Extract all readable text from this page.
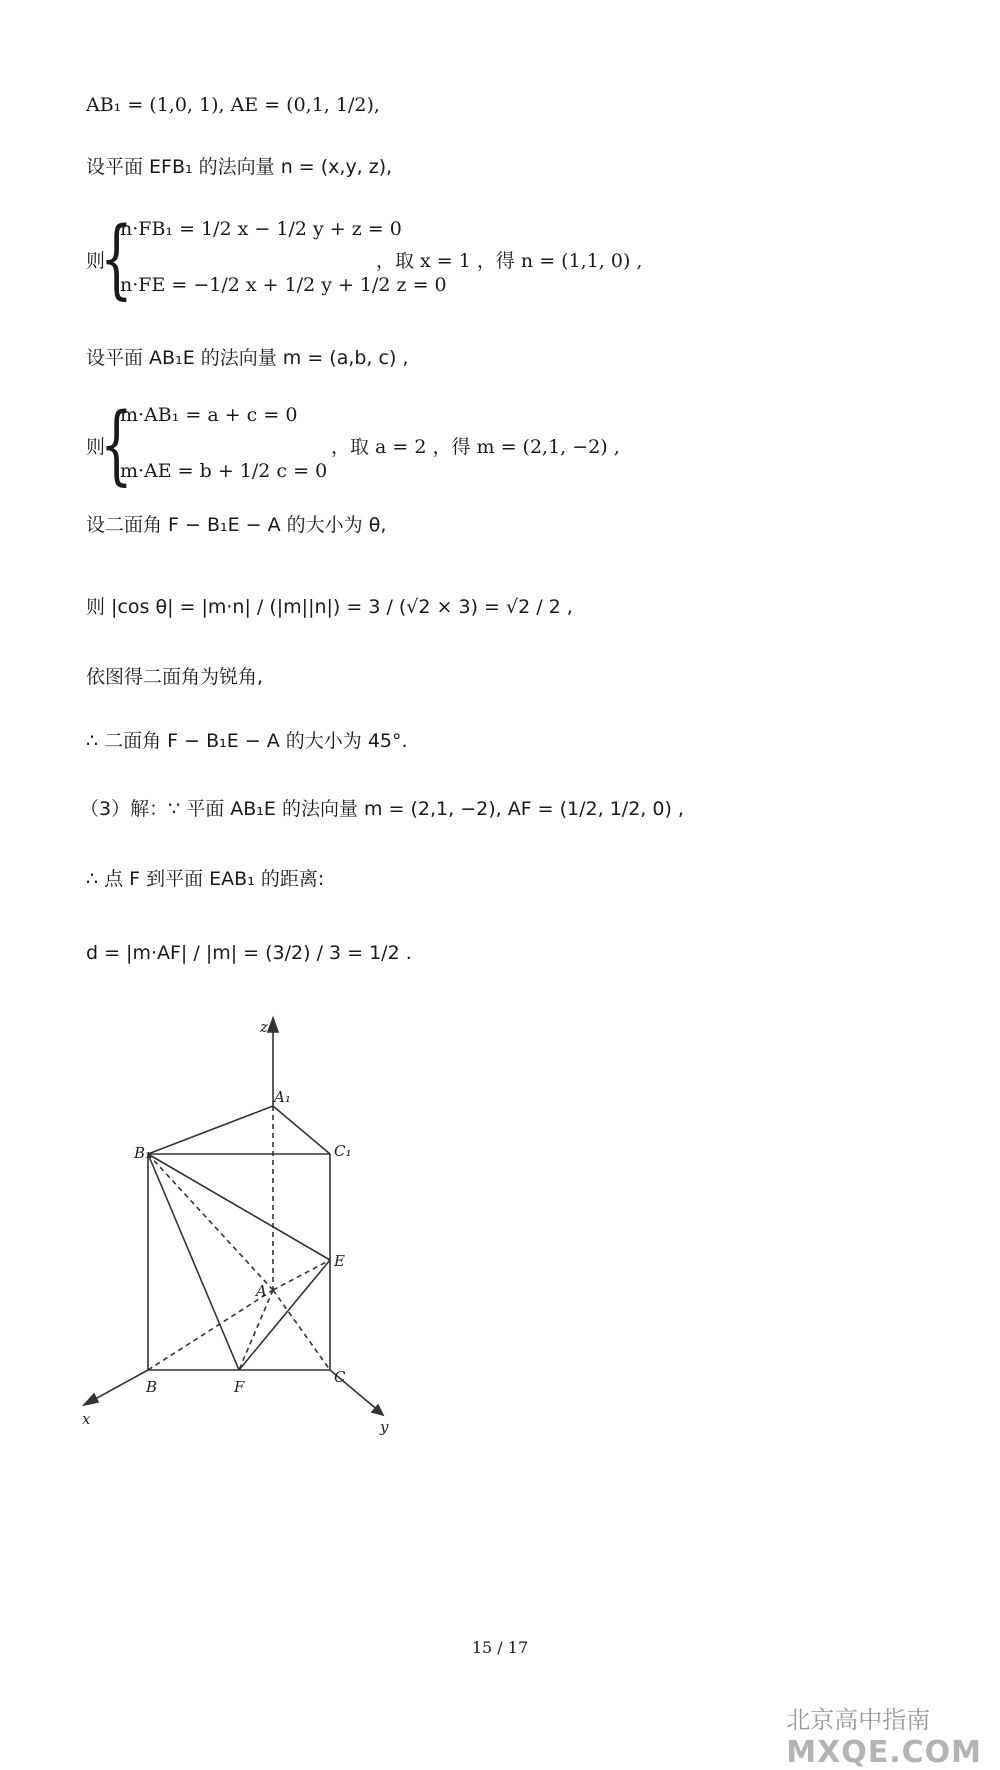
AB₁ = (1,0, 1), AE = (0,1, 1/2),
设平面 EFB₁ 的法向量 n = (x,y, z),
则
{
n·FB₁ = 1/2 x − 1/2 y + z = 0
n·FE = −1/2 x + 1/2 y + 1/2 z = 0
，取 x = 1 ，得 n = (1,1, 0) ,
设平面 AB₁E 的法向量 m = (a,b, c) ,
则
{
m·AB₁ = a + c = 0
m·AE = b + 1/2 c = 0
，取 a = 2 ，得 m = (2,1, −2) ,
设二面角 F − B₁E − A 的大小为 θ,
则 |cos θ| = |m·n| / (|m||n|) = 3 / (√2 × 3) = √2 / 2 ,
依图得二面角为锐角,
∴ 二面角 F − B₁E − A 的大小为 45°.
（3）解：∵ 平面 AB₁E 的法向量 m = (2,1, −2), AF = (1/2, 1/2, 0) ,
∴ 点 F 到平面 EAB₁ 的距离:
d = |m·AF| / |m| = (3/2) / 3 = 1/2 .
z
x	y
A₁
B₁	C₁
A
B
C
E
F
15 / 17
北京高中指南
MXQE.COM
